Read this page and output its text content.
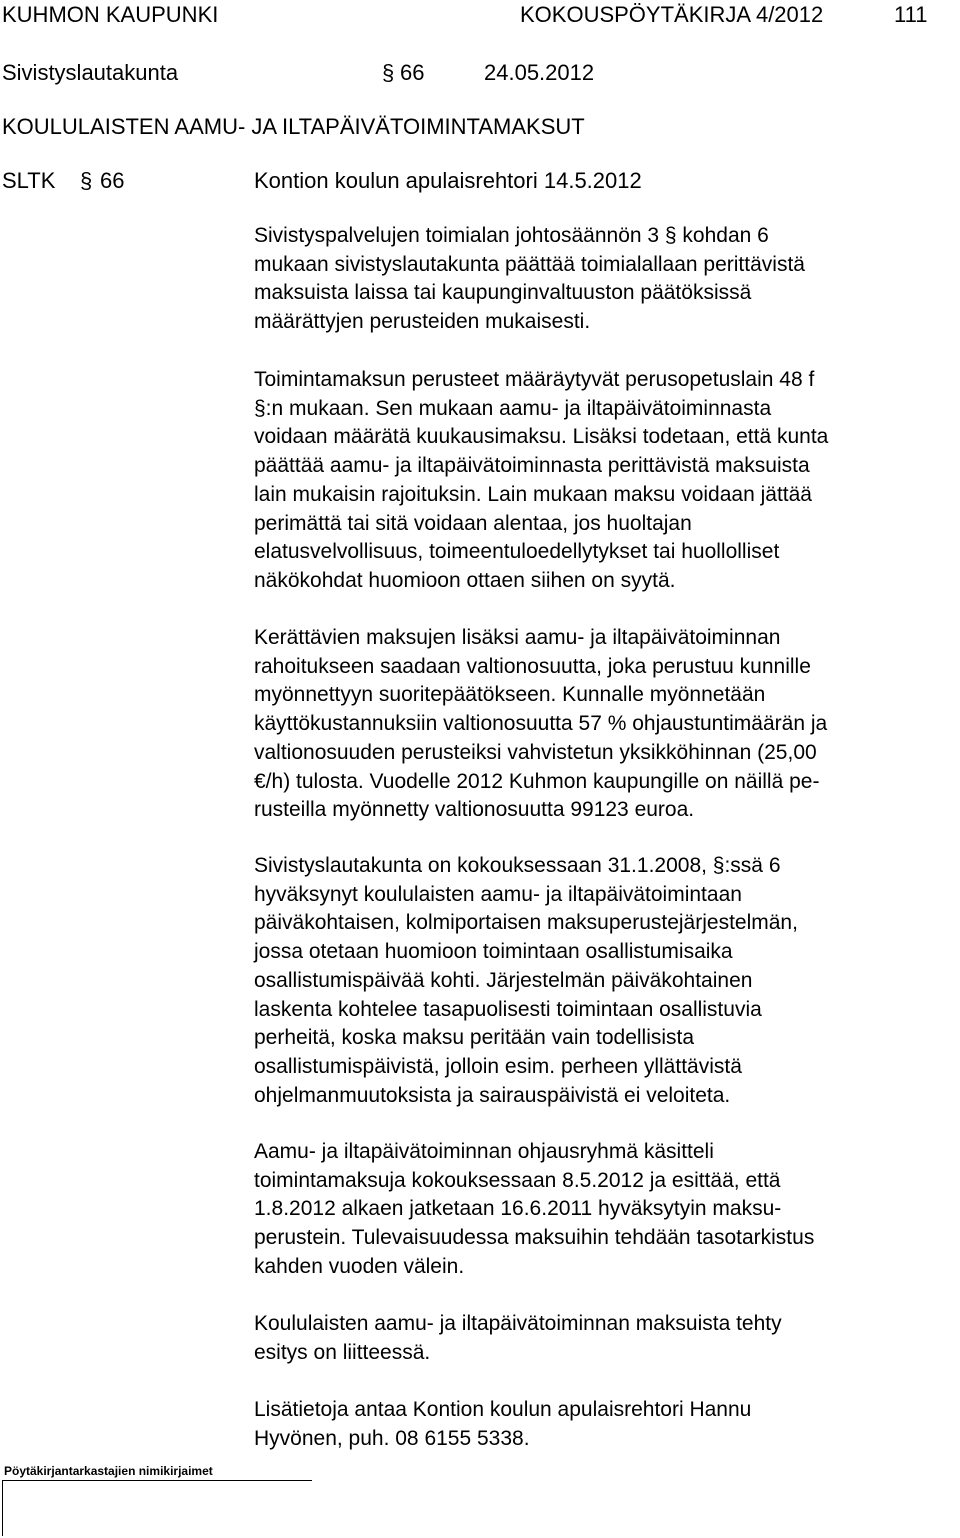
KUHMON KAUPUNKI	KOKOUSPÖYTÄKIRJA 4/2012	111
Sivistyslautakunta	§ 66	24.05.2012
KOULULAISTEN AAMU- JA ILTAPÄIVÄTOIMINTAMAKSUT
SLTK § 66	Kontion koulun apulaisrehtori 14.5.2012
Sivistyspalvelujen toimialan johtosäännön 3 § kohdan 6
mukaan sivistyslautakunta päättää toimialallaan perittävistä
maksuista laissa tai kaupunginvaltuuston päätöksissä
määrättyjen perusteiden mukaisesti.
Toimintamaksun perusteet määräytyvät perusopetuslain 48 f
§:n mukaan. Sen mukaan aamu- ja iltapäivätoiminnasta
voidaan määrätä kuukausimaksu. Lisäksi todetaan, että kunta
päättää aamu- ja iltapäivätoiminnasta perittävistä maksuista
lain mukaisin rajoituksin. Lain mukaan maksu voidaan jättää
perimättä tai sitä voidaan alentaa, jos huoltajan
elatusvelvollisuus, toimeentuloedellytykset tai huollolliset
näkökohdat huomioon ottaen siihen on syytä.
Kerättävien maksujen lisäksi aamu- ja iltapäivätoiminnan
rahoitukseen saadaan valtionosuutta, joka perustuu kunnille
myönnettyyn suoritepäätökseen. Kunnalle myönnetään
käyttökustannuksiin valtionosuutta 57 % ohjaustuntimäärän ja
valtionosuuden perusteiksi vahvistetun yksikköhinnan (25,00
€/h) tulosta. Vuodelle 2012 Kuhmon kaupungille on näillä pe-
rusteilla myönnetty valtionosuutta 99123 euroa.
Sivistyslautakunta on kokouksessaan 31.1.2008, §:ssä 6
hyväksynyt koululaisten aamu- ja iltapäivätoimintaan
päiväkohtaisen, kolmiportaisen maksuperustejärjestelmän,
jossa otetaan huomioon toimintaan osallistumisaika
osallistumispäivää kohti. Järjestelmän päiväkohtainen
laskenta kohtelee tasapuolisesti toimintaan osallistuvia
perheitä, koska maksu peritään vain todellisista
osallistumispäivistä, jolloin esim. perheen yllättävistä
ohjelmanmuutoksista ja sairauspäivistä ei veloiteta.
Aamu- ja iltapäivätoiminnan ohjausryhmä käsitteli
toimintamaksuja kokouksessaan 8.5.2012 ja esittää, että
1.8.2012 alkaen jatketaan 16.6.2011 hyväksytyin maksu-
perustein. Tulevaisuudessa maksuihin tehdään tasotarkistus
kahden vuoden välein.
Koululaisten aamu- ja iltapäivätoiminnan maksuista tehty
esitys on liitteessä.
Lisätietoja antaa Kontion koulun apulaisrehtori Hannu
Hyvönen, puh. 08 6155 5338.
Pöytäkirjantarkastajien nimikirjaimet
